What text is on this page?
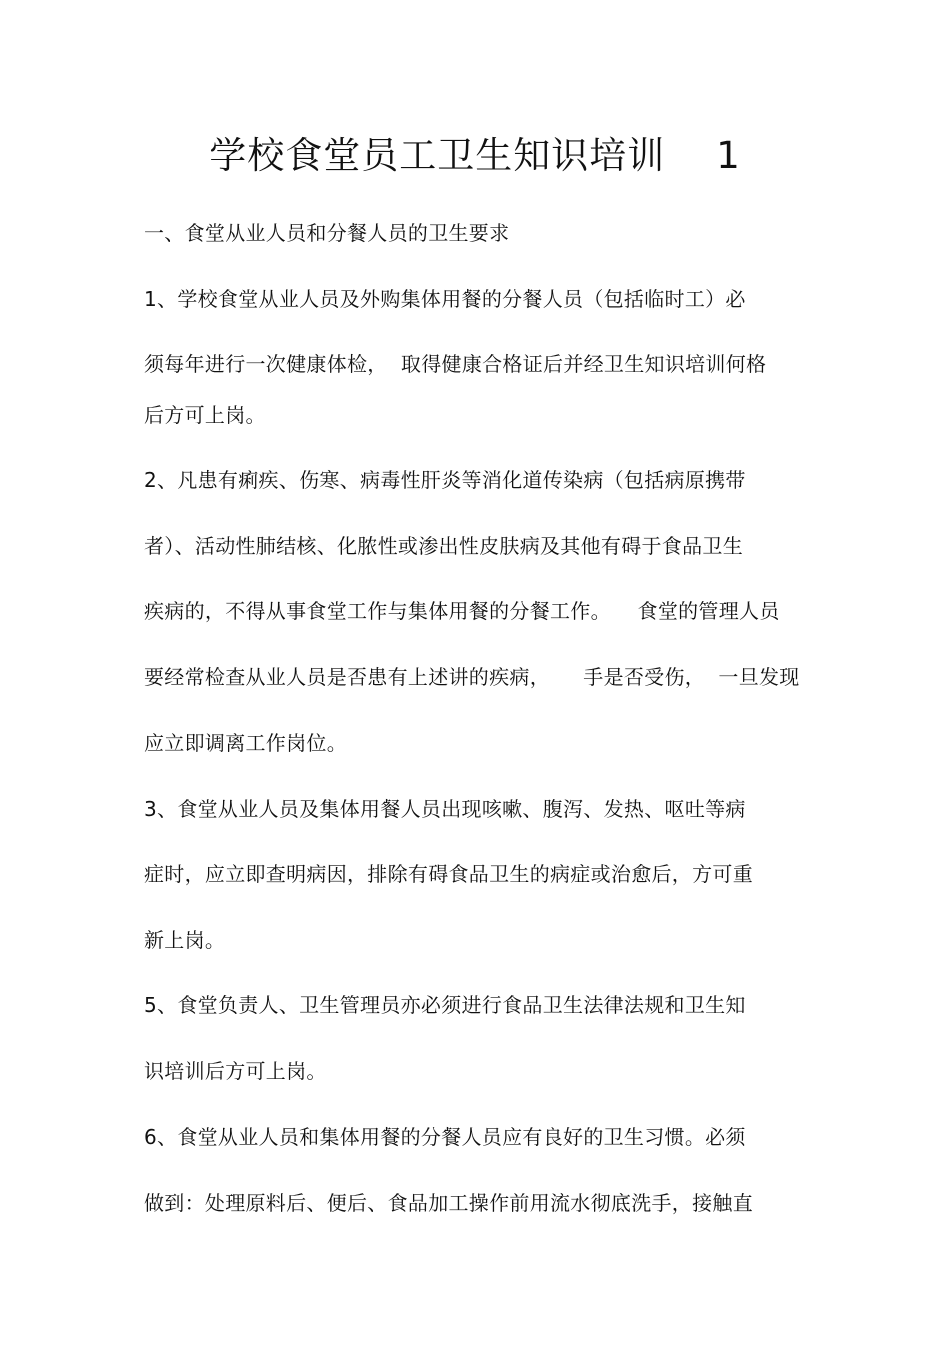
学校食堂员工卫生知识培训    1
一、食堂从业人员和分餐人员的卫生要求
1、学校食堂从业人员及外购集体用餐的分餐人员（包括临时工）必
须每年进行一次健康体检，  取得健康合格证后并经卫生知识培训何格
后方可上岗。
2、凡患有痢疾、伤寒、病毒性肝炎等消化道传染病（包括病原携带
者）、活动性肺结核、化脓性或渗出性皮肤病及其他有碍于食品卫生
疾病的，不得从事食堂工作与集体用餐的分餐工作。    食堂的管理人员
要经常检查从业人员是否患有上述讲的疾病，     手是否受伤，  一旦发现
应立即调离工作岗位。
3、食堂从业人员及集体用餐人员出现咳嗽、腹泻、发热、呕吐等病
症时，应立即查明病因，排除有碍食品卫生的病症或治愈后，方可重
新上岗。
5、食堂负责人、卫生管理员亦必须进行食品卫生法律法规和卫生知
识培训后方可上岗。
6、食堂从业人员和集体用餐的分餐人员应有良好的卫生习惯。必须
做到：处理原料后、便后、食品加工操作前用流水彻底洗手，接触直
